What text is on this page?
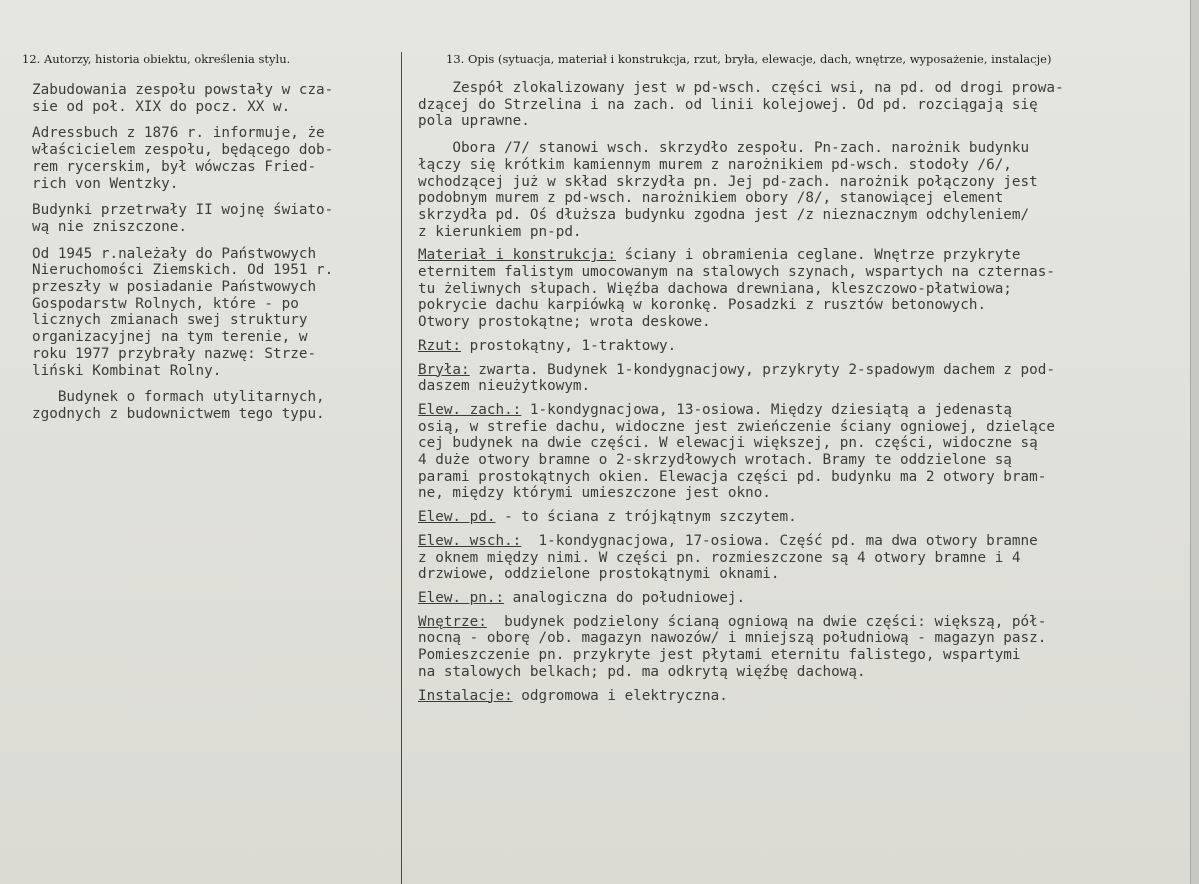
12. Autorzy, historia obiektu, określenia stylu.	13. Opis (sytuacja, materiał i konstrukcja, rzut, bryła, elewacje, dach, wnętrze, wyposażenie, instalacje)
Zabudowania zespołu powstały w cza-
sie od poł. XIX do pocz. XX w.
Adressbuch z 1876 r. informuje, że
właścicielem zespołu, będącego dob-
rem rycerskim, był wówczas Fried-
rich von Wentzky.
Budynki przetrwały II wojnę świato-
wą nie zniszczone.
Od 1945 r.należały do Państwowych
Nieruchomości Ziemskich. Od 1951 r.
przeszły w posiadanie Państwowych
Gospodarstw Rolnych, które - po
licznych zmianach swej struktury
organizacyjnej na tym terenie, w
roku 1977 przybrały nazwę: Strze-
liński Kombinat Rolny.
Budynek o formach utylitarnych,
zgodnych z budownictwem tego typu.
Zespół zlokalizowany jest w pd-wsch. części wsi, na pd. od drogi prowa-
dzącej do Strzelina i na zach. od linii kolejowej. Od pd. rozciągają się
pola uprawne.
Obora /7/ stanowi wsch. skrzydło zespołu. Pn-zach. narożnik budynku
łączy się krótkim kamiennym murem z narożnikiem pd-wsch. stodoły /6/,
wchodzącej już w skład skrzydła pn. Jej pd-zach. narożnik połączony jest
podobnym murem z pd-wsch. narożnikiem obory /8/, stanowiącej element
skrzydła pd. Oś dłuższa budynku zgodna jest /z nieznacznym odchyleniem/
z kierunkiem pn-pd.
Materiał i konstrukcja: ściany i obramienia ceglane. Wnętrze przykryte
eternitem falistym umocowanym na stalowych szynach, wspartych na czternas-
tu żeliwnych słupach. Więźba dachowa drewniana, kleszczowo-płatwiowa;
pokrycie dachu karpiówką w koronkę. Posadzki z rusztów betonowych.
Otwory prostokątne; wrota deskowe.
Rzut: prostokątny, 1-traktowy.
Bryła: zwarta. Budynek 1-kondygnacjowy, przykryty 2-spadowym dachem z pod-
daszem nieużytkowym.
Elew. zach.: 1-kondygnacjowa, 13-osiowa. Między dziesiątą a jedenastą
osią, w strefie dachu, widoczne jest zwieńczenie ściany ogniowej, dzielące
cej budynek na dwie części. W elewacji większej, pn. części, widoczne są
4 duże otwory bramne o 2-skrzydłowych wrotach. Bramy te oddzielone są
parami prostokątnych okien. Elewacja części pd. budynku ma 2 otwory bram-
ne, między którymi umieszczone jest okno.
Elew. pd. - to ściana z trójkątnym szczytem.
Elew. wsch.:  1-kondygnacjowa, 17-osiowa. Część pd. ma dwa otwory bramne
z oknem między nimi. W części pn. rozmieszczone są 4 otwory bramne i 4
drzwiowe, oddzielone prostokątnymi oknami.
Elew. pn.: analogiczna do południowej.
Wnętrze:  budynek podzielony ścianą ogniową na dwie części: większą, pół-
nocną - oborę /ob. magazyn nawozów/ i mniejszą południową - magazyn pasz.
Pomieszczenie pn. przykryte jest płytami eternitu falistego, wspartymi
na stalowych belkach; pd. ma odkrytą więźbę dachową.
Instalacje: odgromowa i elektryczna.
